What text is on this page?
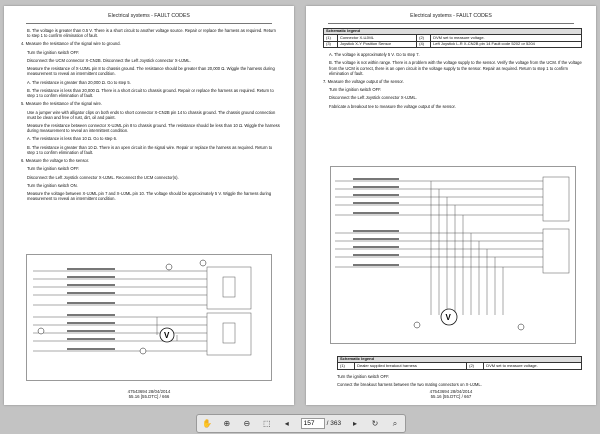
Electrical systems - FAULT CODES

B. The voltage is greater than 0.5 V. There is a short circuit to another voltage source. Repair or replace the harness as required. Return to step 1 to confirm elimination of fault.

4. Measure the resistance of the signal wire to ground.

Turn the ignition switch OFF.

Disconnect the UCM connector X-CN2B. Disconnect the Left Joystick connector X-UJML.

Measure the resistance of X-UJML pin 8 to chassis ground. The resistance should be greater than 20,000 Ω. Wiggle the harness during measurement to reveal an intermittent condition.

A. The resistance is greater than 20,000 Ω. Go to step 5.

B. The resistance is less than 20,000 Ω. There is a short circuit to chassis ground. Repair or replace the harness as required. Return to step 1 to confirm elimination of fault.

5. Measure the resistance of the signal wire.

Use a jumper wire with alligator clips on both ends to short connector X-CN2B pin 14 to chassis ground. The chassis ground connection must be clean and free of rust, dirt, oil and paint.

Measure the resistance between connector X-UJML pin 8 to chassis ground. The resistance should be less than 10 Ω. Wiggle the harness during measurement to reveal an intermittent condition.

A. The resistance is less than 10 Ω. Go to step 6.

B. The resistance is greater than 10 Ω. There is an open circuit in the signal wire. Repair or replace the harness as required. Return to step 1 to confirm elimination of fault.

6. Measure the voltage to the sensor.

Turn the ignition switch OFF.

Disconnect the Left Joystick connector X-UJML. Reconnect the UCM connector(s).

Turn the ignition switch ON.

Measure the voltage between X-UJML pin 7 and X-UJML pin 10. The voltage should be approximately 5 V. Wiggle the harness during measurement to reveal an intermittent condition.

V
47543694 28/04/2014
55.16 [55.DTC] / 666
Electrical systems - FAULT CODES
Schematic legend			
(1)	Connector X-UJML	(2)	DVM set to measure voltage.
(3)	Joystick X-Y Position Sensor	(4)	Left Joystick L-R X-CN2B pin 14 Fault code 5202 or 5204

A. The voltage is approximately 5 V. Go to step 7.

B. The voltage is not within range. There is a problem with the voltage supply to the sensor. Verify the voltage from the UCM. If the voltage from the UCM is correct, there is an open circuit in the voltage supply to the sensor. Repair as required. Return to step 1 to confirm elimination of fault.

7. Measure the voltage output of the sensor.

Turn the ignition switch OFF.

Disconnect the Left Joystick connector X-UJML.

Fabricate a breakout tee to measure the voltage output of the sensor.

V
Schematic legend
(1)	Dealer supplied breakout harness	(2)	DVM set to measure voltage.

Turn the ignition switch OFF.

Connect the breakout harness between the two mating connectors on X-UJML.

47543694 28/04/2014
55.16 [55.DTC] / 667
✋	⊕	⊖	⬚	◂
157	/ 363	▸	↻	⌕
